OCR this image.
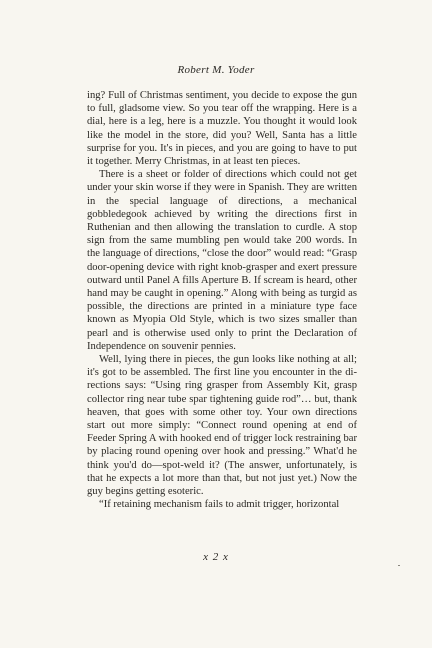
Robert M. Yoder

ing? Full of Christmas sentiment, you decide to expose the gun to full, gladsome view. So you tear off the wrapping. Here is a dial, here is a leg, here is a muzzle. You thought it would look like the model in the store, did you? Well, Santa has a little surprise for you. It's in pieces, and you are going to have to put it together. Merry Christmas, in at least ten pieces.

There is a sheet or folder of directions which could not get under your skin worse if they were in Spanish. They are written in the special language of directions, a mechanical gobbledegook achieved by writing the directions first in Ruthenian and then allowing the translation to curdle. A stop sign from the same mumbling pen would take 200 words. In the language of directions, “close the door” would read: “Grasp door-opening device with right knob-grasper and exert pressure outward until Panel A fills Aperture B. If scream is heard, other hand may be caught in opening.” Along with being as turgid as possible, the directions are printed in a miniature type face known as Myopia Old Style, which is two sizes smaller than pearl and is otherwise used only to print the Declaration of Independence on souvenir pennies.

Well, lying there in pieces, the gun looks like nothing at all; it's got to be assembled. The first line you encounter in the directions says: “Using ring grasper from Assembly Kit, grasp collector ring near tube spar tightening guide rod”… but, thank heaven, that goes with some other toy. Your own directions start out more simply: “Connect round opening at end of Feeder Spring A with hooked end of trigger lock restraining bar by placing round opening over hook and pressing.” What'd he think you'd do—spot-weld it? (The answer, unfortunately, is that he expects a lot more than that, but not just yet.) Now the guy begins getting esoteric.

“If retaining mechanism fails to admit trigger, horizontal

x 2 x
